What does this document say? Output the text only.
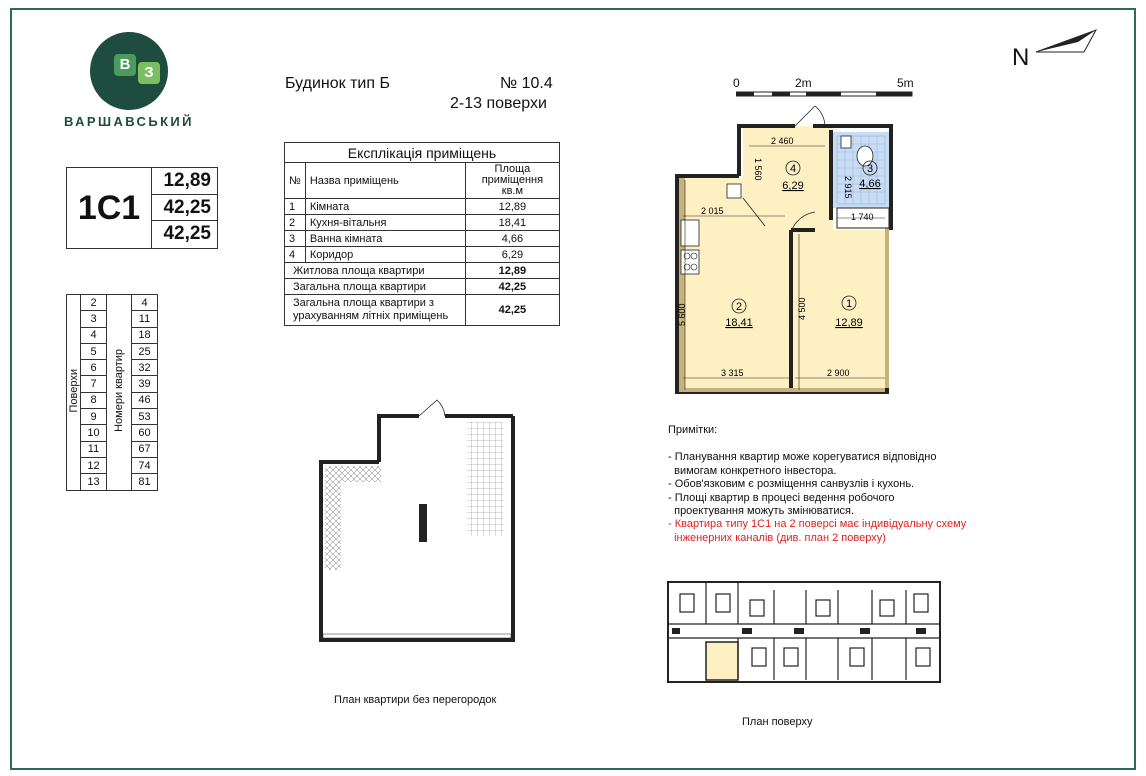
В З
ВАРШАВСЬКИЙ
Будинок тип Б	№ 10.4
2-13 поверхи
1С1
12,89
42,25
42,25
Поверхи	2	Номери квартир	4
	3		11
	4		18
	5		25
	6		32
	7		39
	8		46
	9		53
	10		60
	11		67
	12		74
	13		81
Експлікація приміщень		
№	Назва приміщень	Площа приміщення кв.м
1	Кімната	12,89
2	Кухня-вітальня	18,41
3	Ванна кімната	4,66
4	Коридор	6,29
Житлова площа квартири		12,89
Загальна площа квартири		42,25
Загальна площа квартири з урахуванням літніх приміщень		42,25
0	2m	5m
N
1
12,89
2
18,41
3
4,66
4
6,29
2 460
1 560
2 015
1 740
2 915
5 600	4 500
3 315	2 900
План квартири без перегородок
Примітки:
- Планування квартир може корегуватися відповідно
вимогам конкретного інвестора.
- Обов'язковим є розміщення санвузлів і кухонь.
- Площі квартир в процесі ведення робочого
проектування можуть змінюватися.
- Квартира типу 1С1 на 2 поверсі має індивідуальну схему
інженерних каналів (див. план 2 поверху)
План поверху
